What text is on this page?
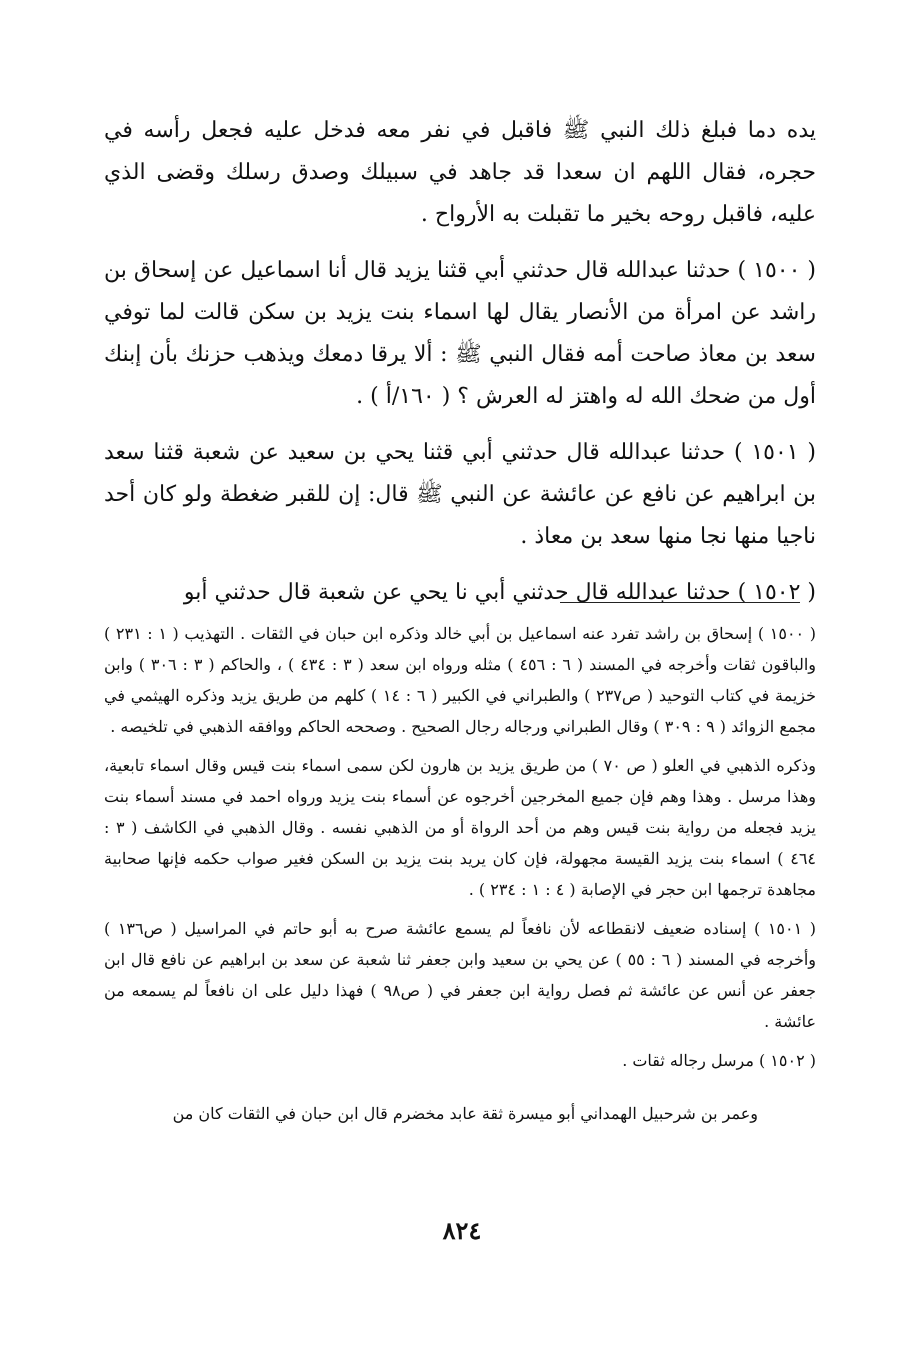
يده دما فبلغ ذلك النبي ﷺ فاقبل في نفر معه فدخل عليه فجعل رأسه في حجره، فقال اللهم ان سعدا قد جاهد في سبيلك وصدق رسلك وقضى الذي عليه، فاقبل روحه بخير ما تقبلت به الأرواح .

( ١٥٠٠ ) حدثنا عبدالله قال حدثني أبي قثنا يزيد قال أنا اسماعيل عن إسحاق بن راشد عن امرأة من الأنصار يقال لها اسماء بنت يزيد بن سكن قالت لما توفي سعد بن معاذ صاحت أمه فقال النبي ﷺ : ألا يرقا دمعك ويذهب حزنك بأن إبنك أول من ضحك الله له واهتز له العرش ؟ ( ١٦٠/أ ) .

( ١٥٠١ ) حدثنا عبدالله قال حدثني أبي قثنا يحي بن سعيد عن شعبة قثنا سعد بن ابراهيم عن نافع عن عائشة عن النبي ﷺ قال: إن للقبر ضغطة ولو كان أحد ناجيا منها نجا منها سعد بن معاذ .

( ١٥٠٢ ) حدثنا عبدالله قال حدثني أبي نا يحي عن شعبة قال حدثني أبو

( ١٥٠٠ ) إسحاق بن راشد تفرد عنه اسماعيل بن أبي خالد وذكره ابن حبان في الثقات . التهذيب ( ١ : ٢٣١ ) والباقون ثقات وأخرجه في المسند ( ٦ : ٤٥٦ ) مثله ورواه ابن سعد ( ٣ : ٤٣٤ ) ، والحاكم ( ٣ : ٣٠٦ ) وابن خزيمة في كتاب التوحيد ( ص٢٣٧ ) والطبراني في الكبير ( ٦ : ١٤ ) كلهم من طريق يزيد وذكره الهيثمي في مجمع الزوائد ( ٩ : ٣٠٩ ) وقال الطبراني ورجاله رجال الصحيح . وصححه الحاكم ووافقه الذهبي في تلخيصه .

وذكره الذهبي في العلو ( ص ٧٠ ) من طريق يزيد بن هارون لكن سمى اسماء بنت قيس وقال اسماء تابعية، وهذا مرسل . وهذا وهم فإن جميع المخرجين أخرجوه عن أسماء بنت يزيد ورواه احمد في مسند أسماء بنت يزيد فجعله من رواية بنت قيس وهم من أحد الرواة أو من الذهبي نفسه . وقال الذهبي في الكاشف ( ٣ : ٤٦٤ ) اسماء بنت يزيد القيسة مجهولة، فإن كان يريد بنت يزيد بن السكن فغير صواب حكمه فإنها صحابية مجاهدة ترجمها ابن حجر في الإصابة ( ٤ : ١ : ٢٣٤ ) .

( ١٥٠١ ) إسناده ضعيف لانقطاعه لأن نافعاً لم يسمع عائشة صرح به أبو حاتم في المراسيل ( ص١٣٦ ) وأخرجه في المسند ( ٦ : ٥٥ ) عن يحي بن سعيد وابن جعفر ثنا شعبة عن سعد بن ابراهيم عن نافع قال ابن جعفر عن أنس عن عائشة ثم فصل رواية ابن جعفر في ( ص٩٨ ) فهذا دليل على ان نافعاً لم يسمعه من عائشة .

( ١٥٠٢ ) مرسل رجاله ثقات .

وعمر بن شرحبيل الهمداني أبو ميسرة ثقة عابد مخضرم قال ابن حبان في الثقات كان من

٨٢٤
